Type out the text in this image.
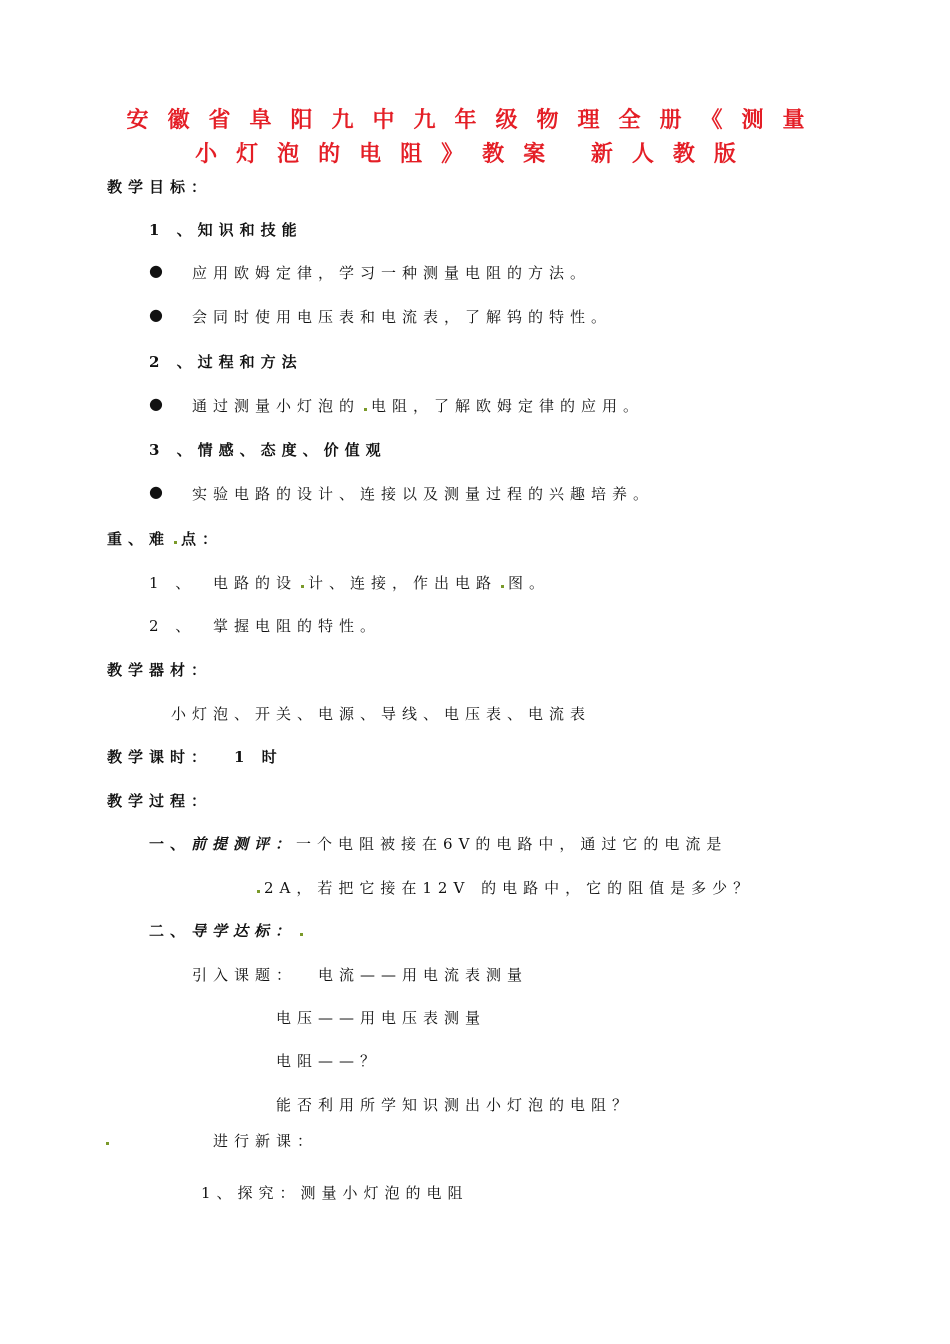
安徽省阜阳九中九年级物理全册《测量
小灯泡的电阻》教案 新人教版
教学目标：
1 、知识和技能
● 应用欧姆定律，学习一种测量电阻的方法。
● 会同时使用电压表和电流表，了解钨的特性。
2 、过程和方法
● 通过测量小灯泡的 电阻，了解欧姆定律的应用。
3 、情感、态度、价值观
● 实验电路的设计、连接以及测量过程的兴趣培养。
重、难 点：
1 、 电路的设 计、连接，作出电路 图。
2 、 掌握电阻的特性。
教学器材：
小灯泡、开关、电源、导线、电压表、电流表
教学课时： 1 时
教学过程：
一、前提测评：一个电阻被接在6V的电路中，通过它的电流是
2A，若把它接在12V 的电路中，它的阻值是多少？
二、导学达标：
引入课题： 电流——用电流表测量
电压——用电压表测量
电阻——？
能否利用所学知识测出小灯泡的电阻？
进行新课：
1、探究：测量小灯泡的电阻
